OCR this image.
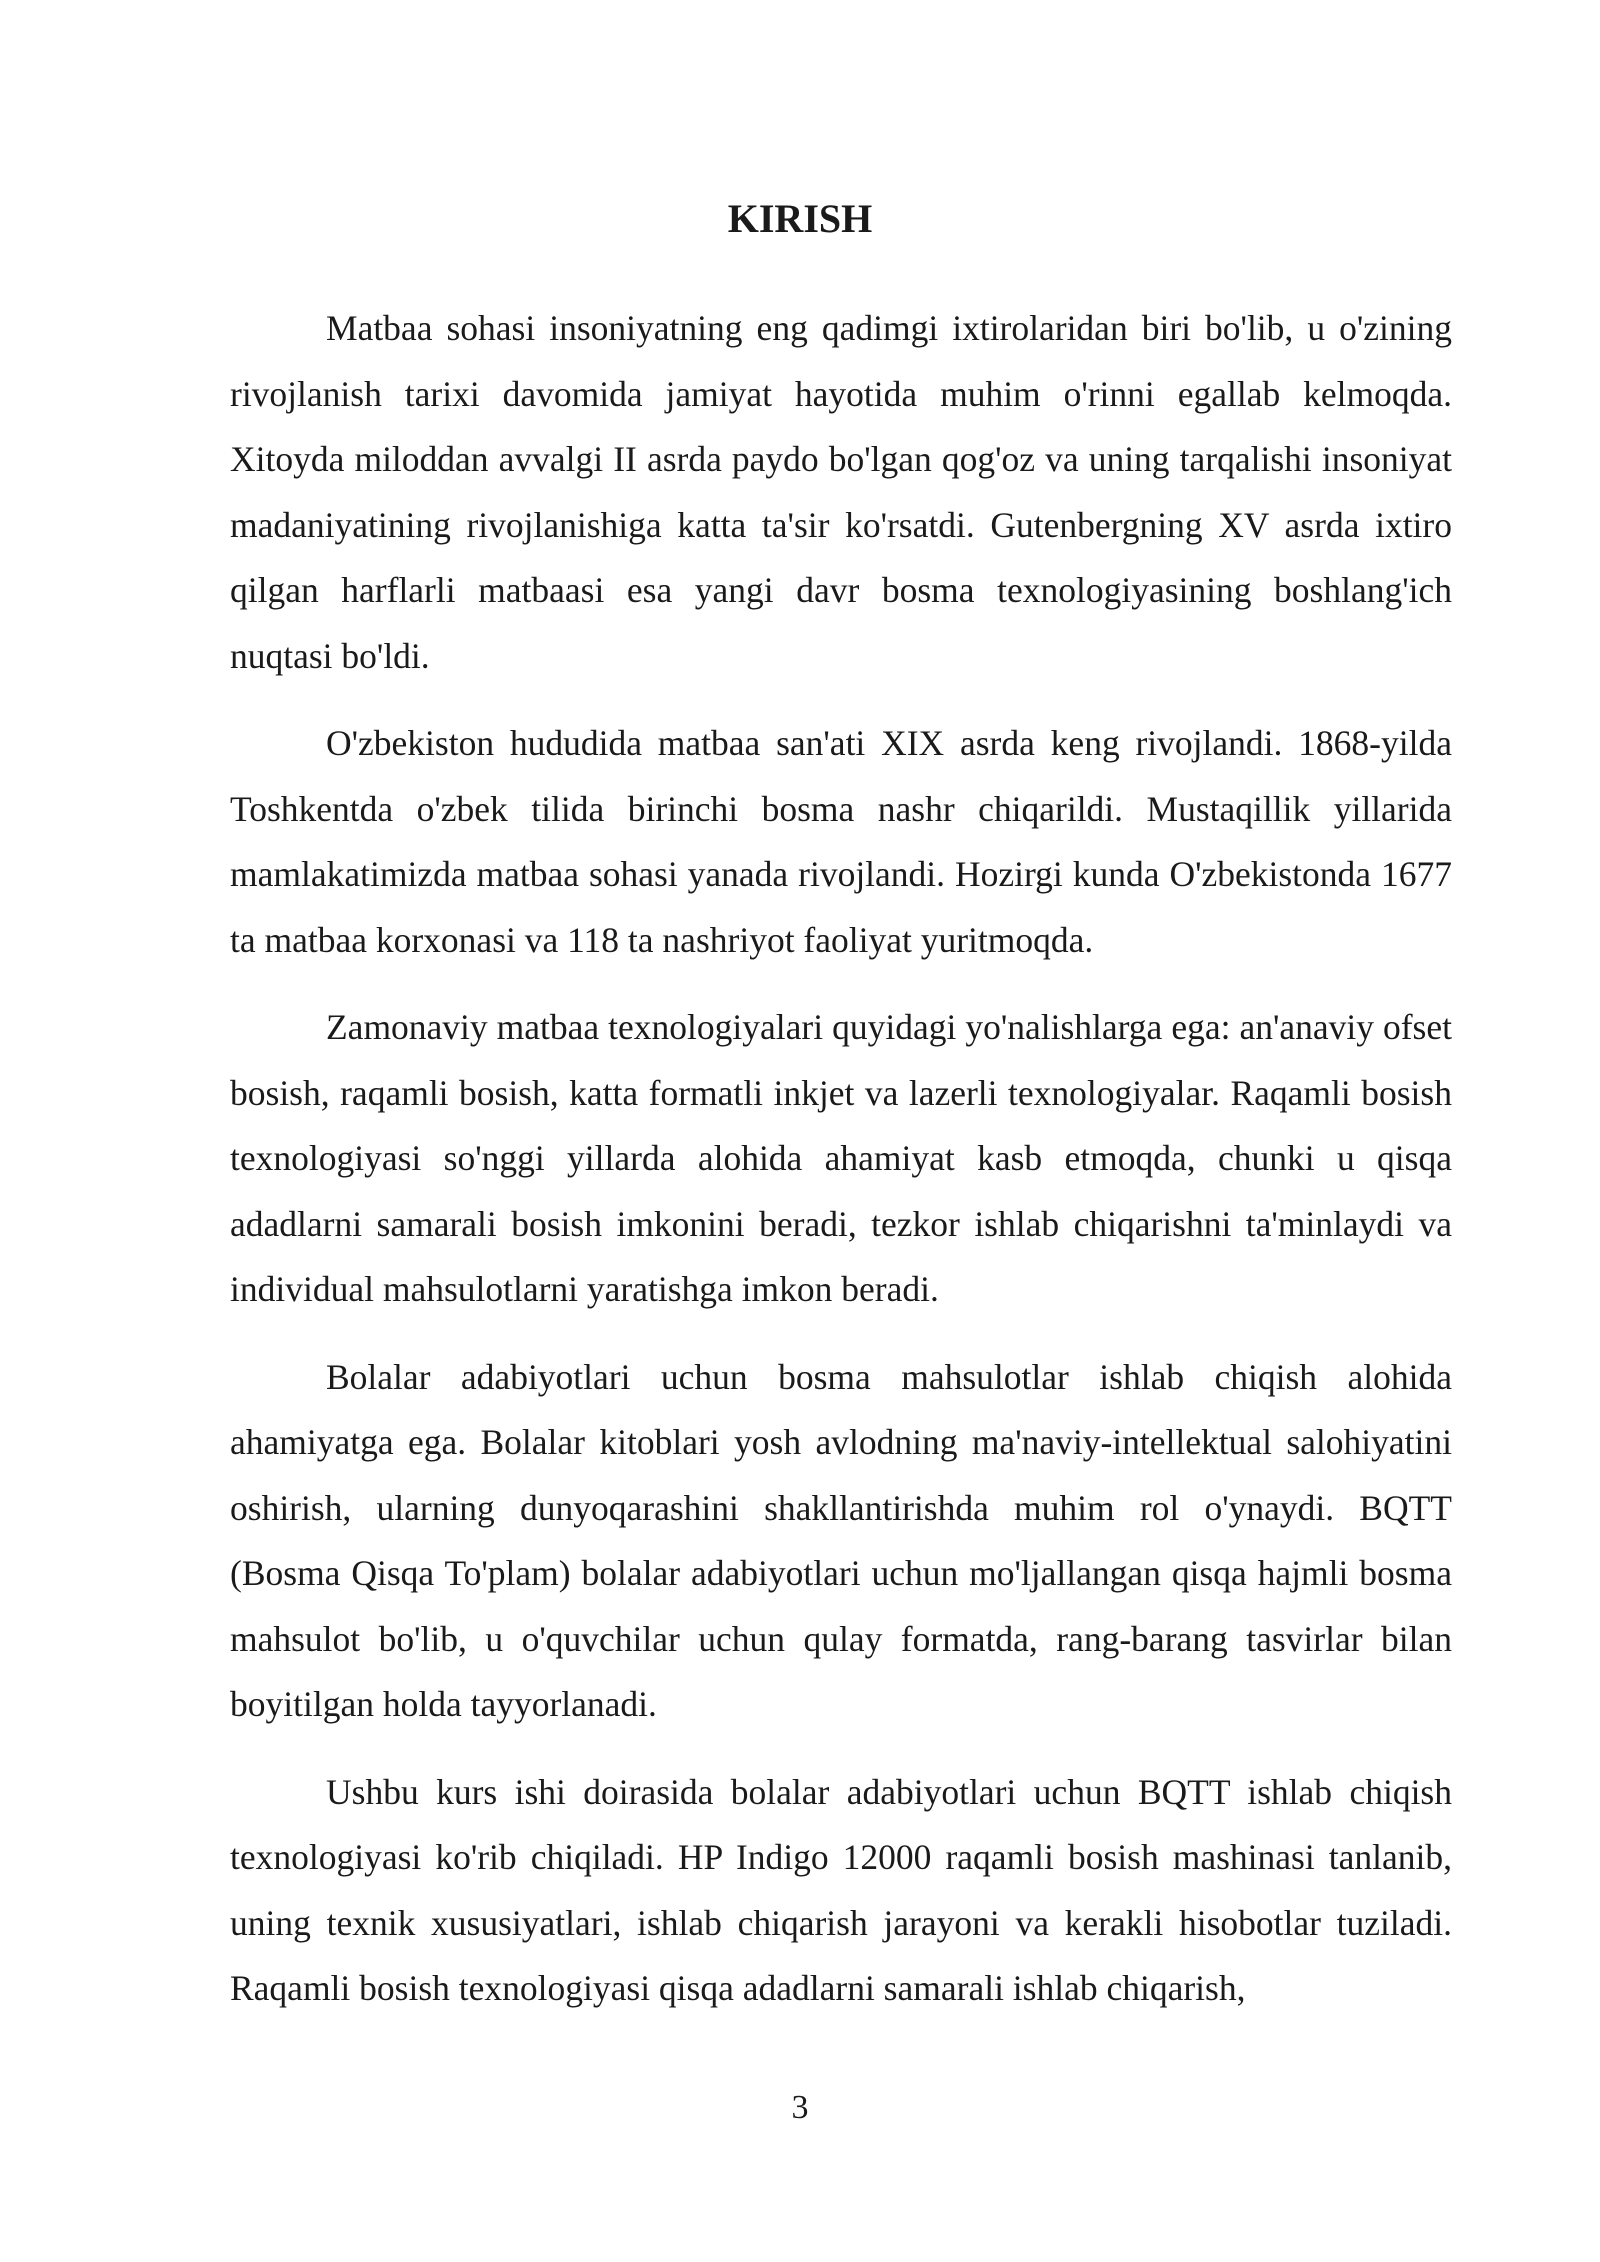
KIRISH

Matbaa sohasi insoniyatning eng qadimgi ixtirolaridan biri bo'lib, u o'zining rivojlanish tarixi davomida jamiyat hayotida muhim o'rinni egallab kelmoqda. Xitoyda miloddan avvalgi II asrda paydo bo'lgan qog'oz va uning tarqalishi insoniyat madaniyatining rivojlanishiga katta ta'sir ko'rsatdi. Gutenbergning XV asrda ixtiro qilgan harflarli matbaasi esa yangi davr bosma texnologiyasining boshlang'ich nuqtasi bo'ldi.

O'zbekiston hududida matbaa san'ati XIX asrda keng rivojlandi. 1868-yilda Toshkentda o'zbek tilida birinchi bosma nashr chiqarildi. Mustaqillik yillarida mamlakatimizda matbaa sohasi yanada rivojlandi. Hozirgi kunda O'zbekistonda 1677 ta matbaa korxonasi va 118 ta nashriyot faoliyat yuritmoqda.

Zamonaviy matbaa texnologiyalari quyidagi yo'nalishlarga ega: an'anaviy ofset bosish, raqamli bosish, katta formatli inkjet va lazerli texnologiyalar. Raqamli bosish texnologiyasi so'nggi yillarda alohida ahamiyat kasb etmoqda, chunki u qisqa adadlarni samarali bosish imkonini beradi, tezkor ishlab chiqarishni ta'minlaydi va individual mahsulotlarni yaratishga imkon beradi.

Bolalar adabiyotlari uchun bosma mahsulotlar ishlab chiqish alohida ahamiyatga ega. Bolalar kitoblari yosh avlodning ma'naviy-intellektual salohiyatini oshirish, ularning dunyoqarashini shakllantirishda muhim rol o'ynaydi. BQTT (Bosma Qisqa To'plam) bolalar adabiyotlari uchun mo'ljallangan qisqa hajmli bosma mahsulot bo'lib, u o'quvchilar uchun qulay formatda, rang-barang tasvirlar bilan boyitilgan holda tayyorlanadi.

Ushbu kurs ishi doirasida bolalar adabiyotlari uchun BQTT ishlab chiqish texnologiyasi ko'rib chiqiladi. HP Indigo 12000 raqamli bosish mashinasi tanlanib, uning texnik xususiyatlari, ishlab chiqarish jarayoni va kerakli hisobotlar tuziladi. Raqamli bosish texnologiyasi qisqa adadlarni samarali ishlab chiqarish,

3
